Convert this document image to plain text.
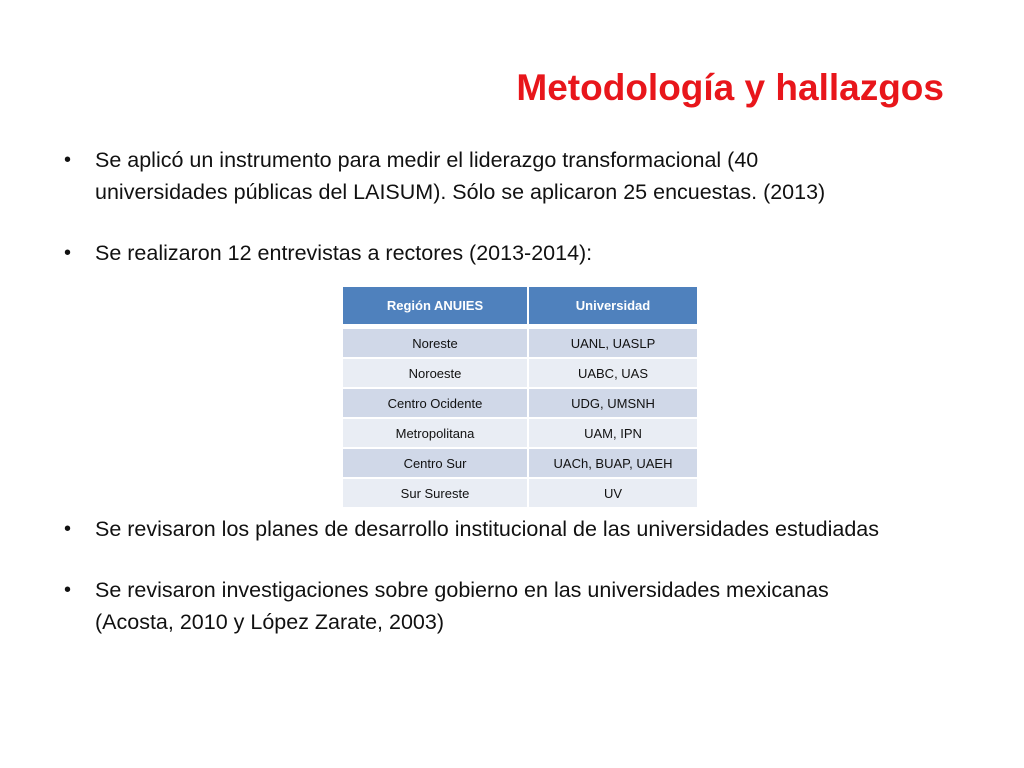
Metodología y hallazgos
•	Se aplicó un instrumento para medir el liderazgo transformacional (40
universidades públicas del LAISUM). Sólo se aplicaron 25 encuestas. (2013)
•	Se realizaron 12 entrevistas a rectores (2013-2014):
Región ANUIES	Universidad
Noreste	UANL, UASLP
Noroeste	UABC, UAS
Centro Ocidente	UDG, UMSNH
Metropolitana	UAM, IPN
Centro Sur	UACh, BUAP, UAEH
Sur Sureste	UV
•	Se revisaron los planes de desarrollo institucional de las universidades estudiadas
•	Se revisaron investigaciones sobre gobierno en las universidades mexicanas
(Acosta, 2010 y López Zarate, 2003)
